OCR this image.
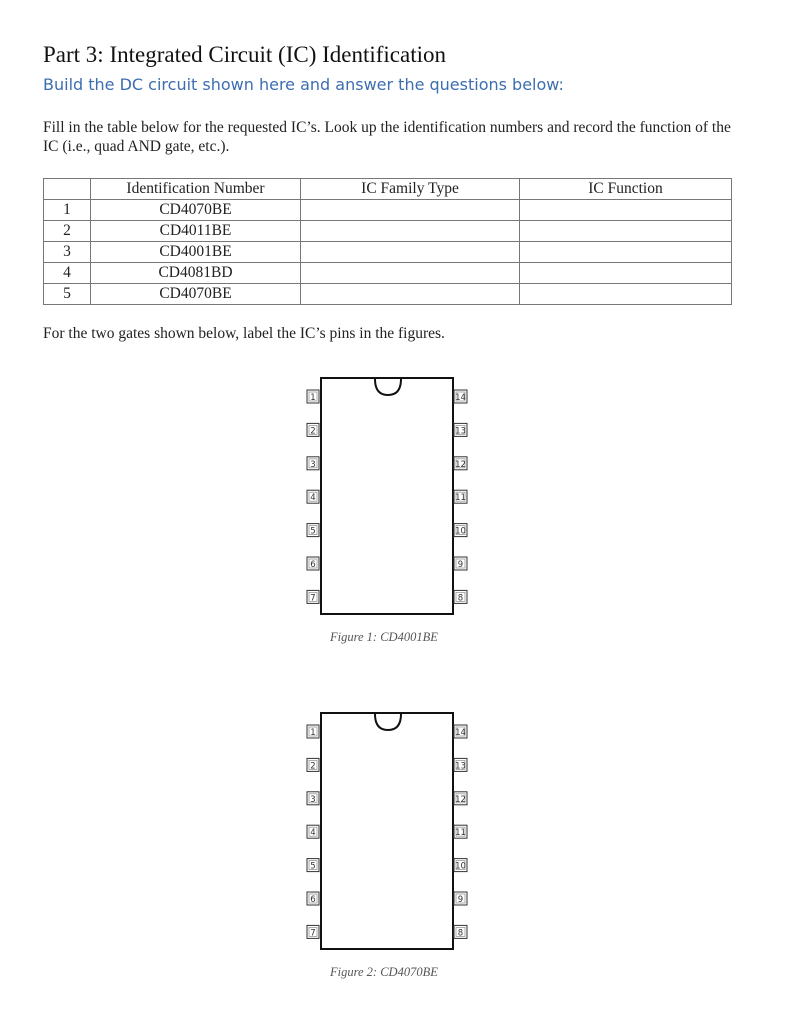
Part 3: Integrated Circuit (IC) Identification
Build the DC circuit shown here and answer the questions below:
Fill in the table below for the requested IC’s. Look up the identification numbers and record the function of the IC (i.e., quad AND gate, etc.).
	Identification Number	IC Family Type	IC Function
1	CD4070BE		
2	CD4011BE		
3	CD4001BE		
4	CD4081BD		
5	CD4070BE		
For the two gates shown below, label the IC’s pins in the figures.
1	14
2	13
3	12
4	11
5	10
6	9
7	8
Figure 1: CD4001BE
1	14
2	13
3	12
4	11
5	10
6	9
7	8
Figure 2: CD4070BE
